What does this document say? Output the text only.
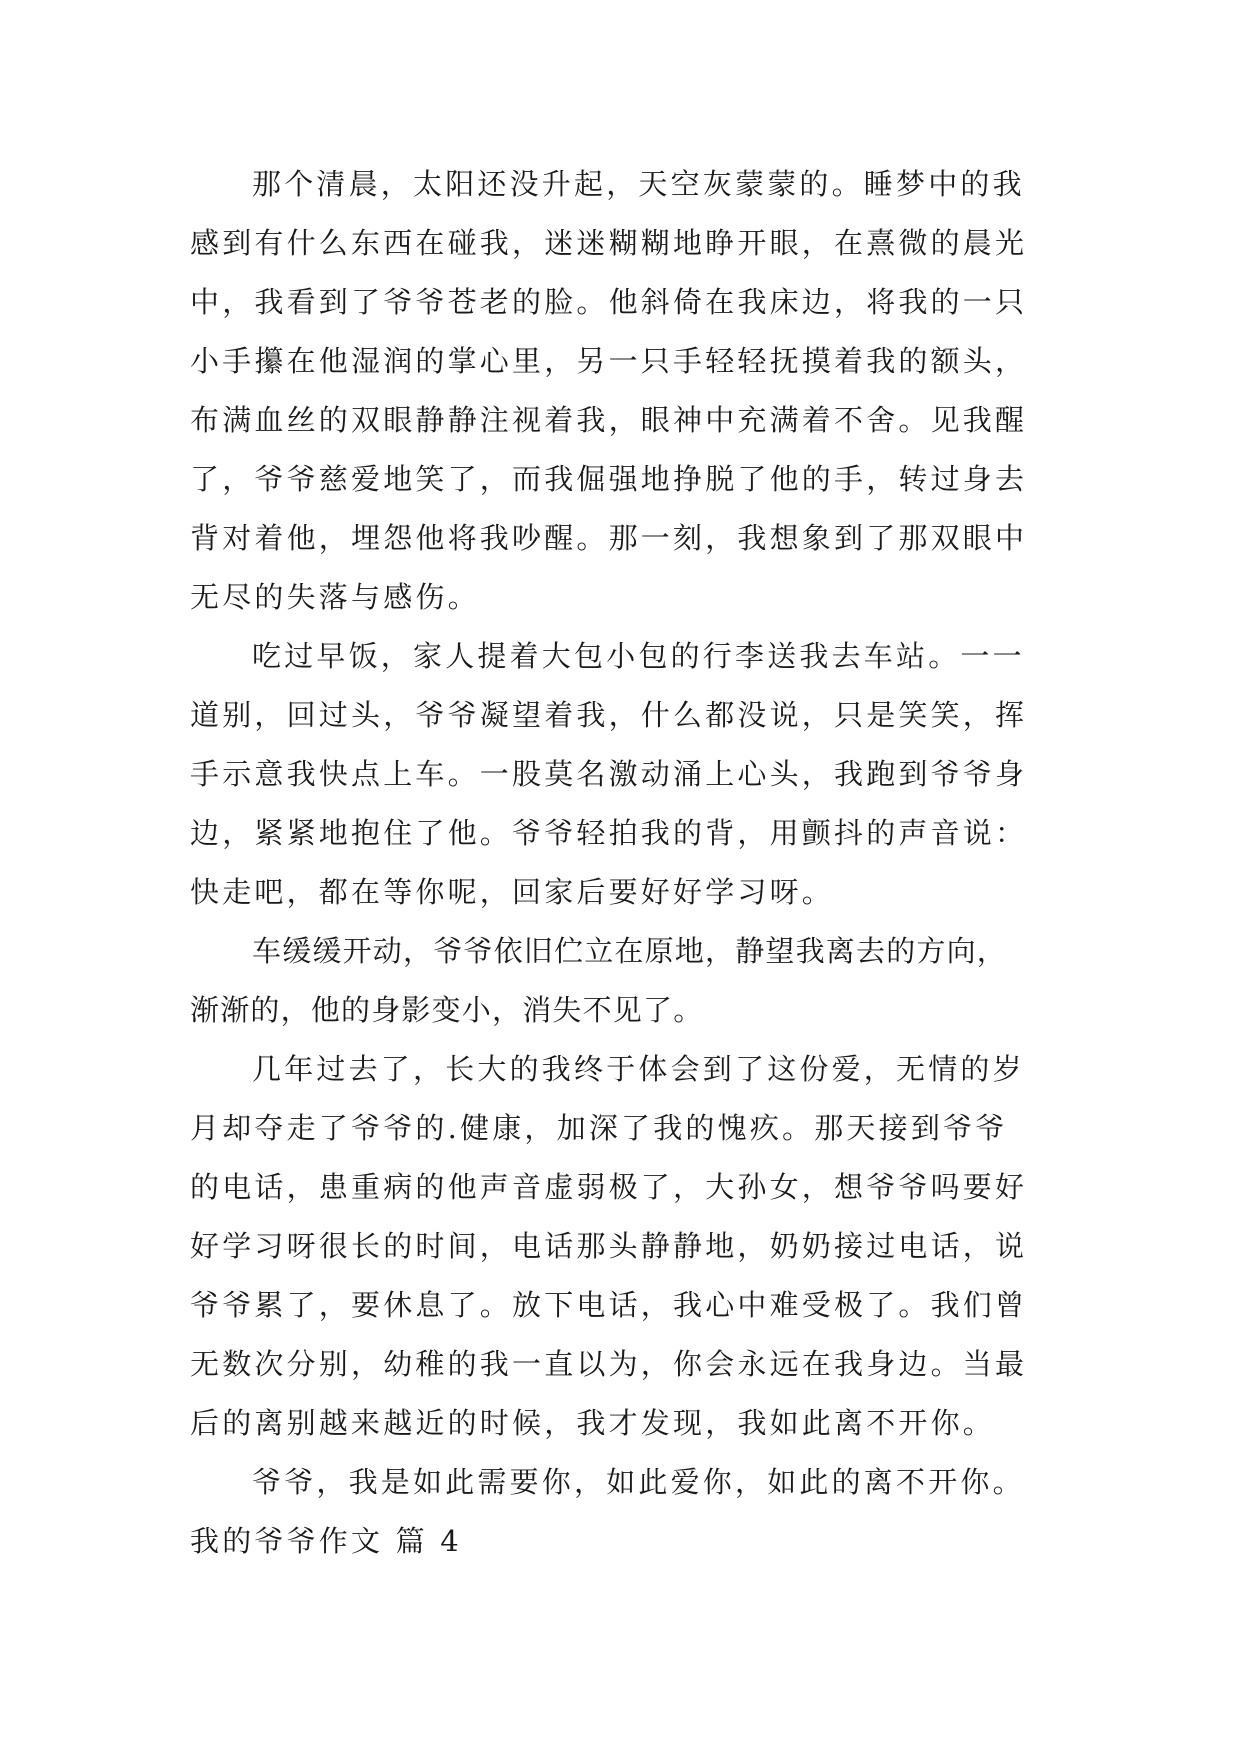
那个清晨，太阳还没升起，天空灰蒙蒙的。睡梦中的我
感到有什么东西在碰我，迷迷糊糊地睁开眼，在熹微的晨光
中，我看到了爷爷苍老的脸。他斜倚在我床边，将我的一只
小手攥在他湿润的掌心里，另一只手轻轻抚摸着我的额头，
布满血丝的双眼静静注视着我，眼神中充满着不舍。见我醒
了，爷爷慈爱地笑了，而我倔强地挣脱了他的手，转过身去
背对着他，埋怨他将我吵醒。那一刻，我想象到了那双眼中
无尽的失落与感伤。
吃过早饭，家人提着大包小包的行李送我去车站。一一
道别，回过头，爷爷凝望着我，什么都没说，只是笑笑，挥
手示意我快点上车。一股莫名激动涌上心头，我跑到爷爷身
边，紧紧地抱住了他。爷爷轻拍我的背，用颤抖的声音说：
快走吧，都在等你呢，回家后要好好学习呀。
车缓缓开动，爷爷依旧伫立在原地，静望我离去的方向，
渐渐的，他的身影变小，消失不见了。
几年过去了，长大的我终于体会到了这份爱，无情的岁
月却夺走了爷爷的.健康，加深了我的愧疚。那天接到爷爷
的电话，患重病的他声音虚弱极了，大孙女，想爷爷吗要好
好学习呀很长的时间，电话那头静静地，奶奶接过电话，说
爷爷累了，要休息了。放下电话，我心中难受极了。我们曾
无数次分别，幼稚的我一直以为，你会永远在我身边。当最
后的离别越来越近的时候，我才发现，我如此离不开你。
爷爷，我是如此需要你，如此爱你，如此的离不开你。
我的爷爷作文 篇 4
